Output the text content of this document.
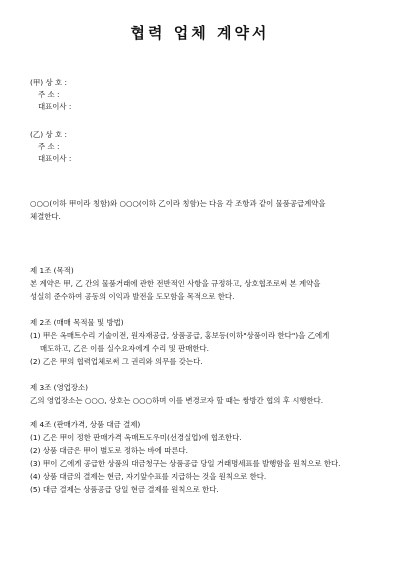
협력 업체 계약서
(甲) 상 호 :
주 소 :
대표이사 :
(乙) 상 호 :
주 소 :
대표이사 :
○○○(이하 甲이라 칭함)와 ○○○(이하 乙이라 칭함)는 다음 각 조항과 같이 물품공급계약을
체결한다.
제 1조 (목적)
본 계약은 甲, 乙 간의 물품거래에 관한 전반적인 사항을 규정하고, 상호협조로써 본 계약을
성실히 준수하여 공동의 이익과 발전을 도모함을 목적으로 한다.
제 2조 (매매 목적물 및 방법)
(1) 甲은 옥매트수리 기술이전, 원자재공급, 상품공급, 홍보등(이하"상품이라 한다")을 乙에게
매도하고, 乙은 이를 실수요자에게 수리 및 판매한다.
(2) 乙은 甲의 협력업체로써 그 권리와 의무를 갖는다.
제 3조 (영업장소)
乙의 영업장소는 ○○○, 상호는 ○○○하며 이를 변경코자 할 때는 쌍방간 협의 후 시행한다.
제 4조 (판매가격, 상품 대금 결제)
(1) 乙은 甲이 정한 판매가격 옥매트도우미(선경실업)에 협조한다.
(2) 상품 대금은 甲이 별도로 정하는 바에 따른다.
(3) 甲이 乙에게 공급한 상품의 대금청구는 상품공급 당일 거래명세표를 발행함을 원칙으로 한다.
(4) 상품 대금의 결제는 현금, 자기앞수표를 지급하는 것을 원칙으로 한다.
(5) 대금 결제는 상품공급 당일 현금 결제를 원칙으로 한다.
